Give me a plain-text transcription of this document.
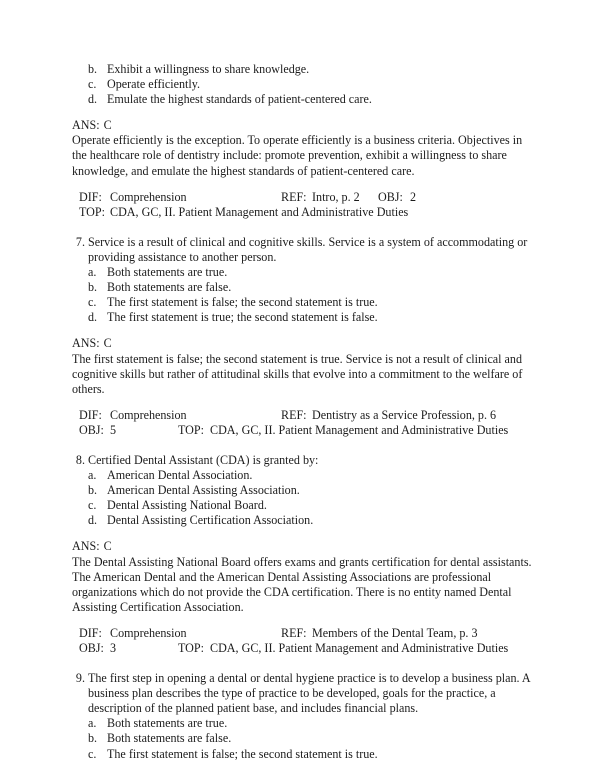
b. Exhibit a willingness to share knowledge.
c. Operate efficiently.
d. Emulate the highest standards of patient-centered care.
ANS: C
Operate efficiently is the exception. To operate efficiently is a business criteria. Objectives in the healthcare role of dentistry include: promote prevention, exhibit a willingness to share knowledge, and emulate the highest standards of patient-centered care.
DIF: Comprehension	REF: Intro, p. 2 OBJ: 2
TOP: CDA, GC, II. Patient Management and Administrative Duties
7. Service is a result of clinical and cognitive skills. Service is a system of accommodating or providing assistance to another person.
a. Both statements are true.
b. Both statements are false.
c. The first statement is false; the second statement is true.
d. The first statement is true; the second statement is false.
ANS: C
The first statement is false; the second statement is true. Service is not a result of clinical and cognitive skills but rather of attitudinal skills that evolve into a commitment to the welfare of others.
DIF: Comprehension	REF: Dentistry as a Service Profession, p. 6
OBJ: 5	TOP: CDA, GC, II. Patient Management and Administrative Duties
8. Certified Dental Assistant (CDA) is granted by:
a. American Dental Association.
b. American Dental Assisting Association.
c. Dental Assisting National Board.
d. Dental Assisting Certification Association.
ANS: C
The Dental Assisting National Board offers exams and grants certification for dental assistants. The American Dental and the American Dental Assisting Associations are professional organizations which do not provide the CDA certification. There is no entity named Dental Assisting Certification Association.
DIF: Comprehension	REF: Members of the Dental Team, p. 3
OBJ: 3	TOP: CDA, GC, II. Patient Management and Administrative Duties
9. The first step in opening a dental or dental hygiene practice is to develop a business plan. A business plan describes the type of practice to be developed, goals for the practice, a description of the planned patient base, and includes financial plans.
a. Both statements are true.
b. Both statements are false.
c. The first statement is false; the second statement is true.
